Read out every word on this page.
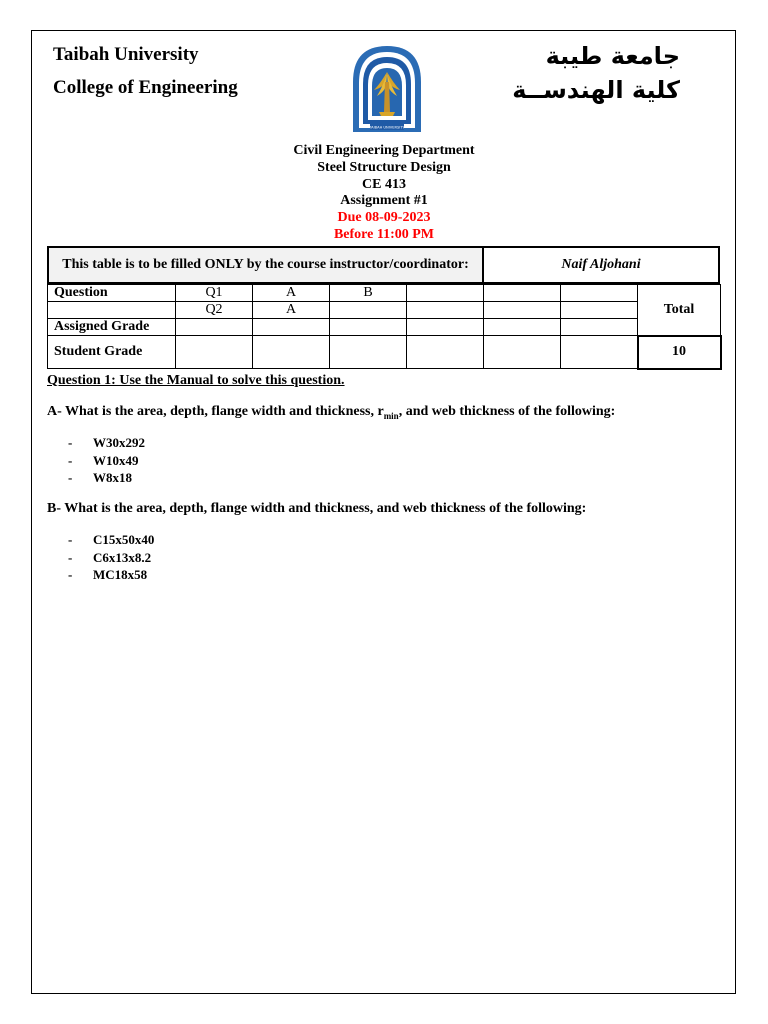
Taibah University
College of Engineering
جامعة طيبة
كلية الهندســة
TAIBAH UNIVERSITY
Civil Engineering Department
Steel Structure Design
CE 413
Assignment #1
Due 08-09-2023
Before 11:00 PM
This table is to be filled ONLY by the course instructor/coordinator:	Naif Aljohani
Question	Q1	A	B				Total
	Q2	A					
Assigned Grade							
Student Grade							10
Question 1: Use the Manual to solve this question.
A- What is the area, depth, flange width and thickness, $r_{min}$, and web thickness of the following:
-	W30x292
-	W10x49
-	W8x18
B- What is the area, depth, flange width and thickness, and web thickness of the following:
-	C15x50x40
-	C6x13x8.2
-	MC18x58
